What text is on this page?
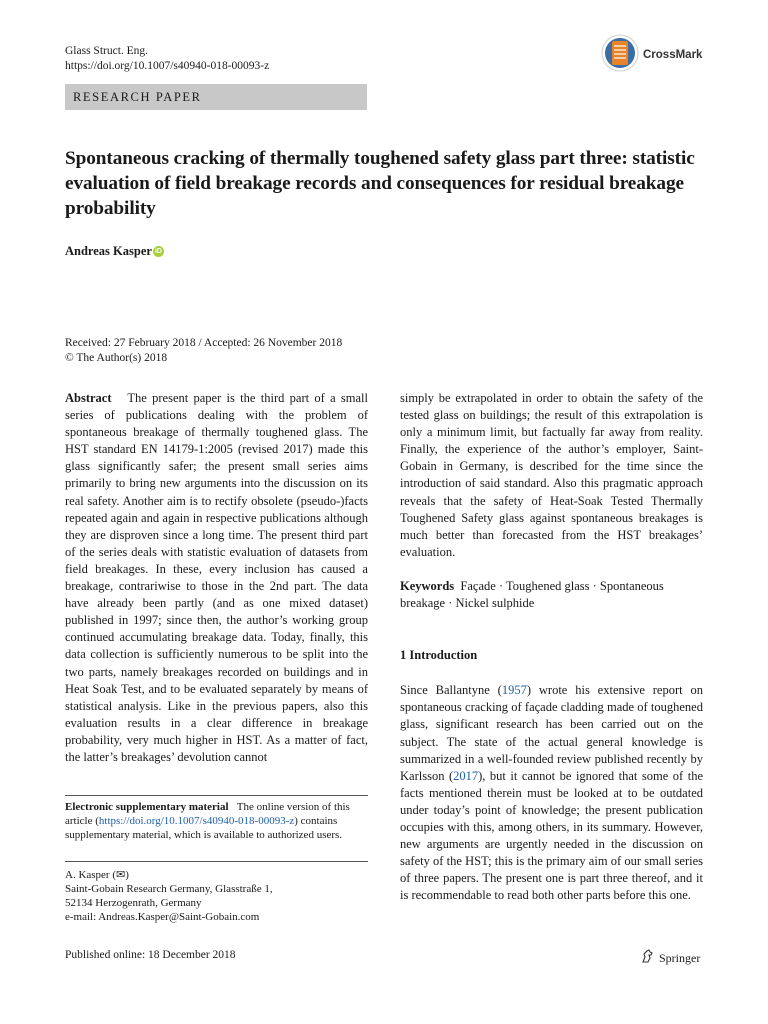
Glass Struct. Eng.
https://doi.org/10.1007/s40940-018-00093-z
CrossMark
RESEARCH PAPER
Spontaneous cracking of thermally toughened safety glass part three: statistic evaluation of field breakage records and consequences for residual breakage probability
Andreas Kasper iD
Received: 27 February 2018 / Accepted: 26 November 2018
© The Author(s) 2018

Abstract The present paper is the third part of a small series of publications dealing with the problem of spontaneous breakage of thermally toughened glass. The HST standard EN 14179-1:2005 (revised 2017) made this glass significantly safer; the present small series aims primarily to bring new arguments into the discussion on its real safety. Another aim is to rectify obsolete (pseudo-)facts repeated again and again in respective publications although they are disproven since a long time. The present third part of the series deals with statistic evaluation of datasets from field breakages. In these, every inclusion has caused a breakage, contrariwise to those in the 2nd part. The data have already been partly (and as one mixed dataset) published in 1997; since then, the author’s working group continued accumulating breakage data. Today, finally, this data collection is sufficiently numerous to be split into the two parts, namely breakages recorded on buildings and in Heat Soak Test, and to be evaluated separately by means of statistical analysis. Like in the previous papers, also this evaluation results in a clear difference in breakage probability, very much higher in HST. As a matter of fact, the latter’s breakages’ devolution cannot

Electronic supplementary material The online version of this article (https://doi.org/10.1007/s40940-018-00093-z) contains supplementary material, which is available to authorized users.
A. Kasper (✉)
Saint-Gobain Research Germany, Glasstraße 1,
52134 Herzogenrath, Germany
e-mail: Andreas.Kasper@Saint-Gobain.com

simply be extrapolated in order to obtain the safety of the tested glass on buildings; the result of this extrapolation is only a minimum limit, but factually far away from reality. Finally, the experience of the author’s employer, Saint-Gobain in Germany, is described for the time since the introduction of said standard. Also this pragmatic approach reveals that the safety of Heat-Soak Tested Thermally Toughened Safety glass against spontaneous breakages is much better than forecasted from the HST breakages’ evaluation.

Keywords Façade · Toughened glass · Spontaneous breakage · Nickel sulphide

1 Introduction

Since Ballantyne (1957) wrote his extensive report on spontaneous cracking of façade cladding made of toughened glass, significant research has been carried out on the subject. The state of the actual general knowledge is summarized in a well-founded review published recently by Karlsson (2017), but it cannot be ignored that some of the facts mentioned therein must be looked at to be outdated under today’s point of knowledge; the present publication occupies with this, among others, in its summary. However, new arguments are urgently needed in the discussion on safety of the HST; this is the primary aim of our small series of three papers. The present one is part three thereof, and it is recommendable to read both other parts before this one.

Published online: 18 December 2018	Springer
